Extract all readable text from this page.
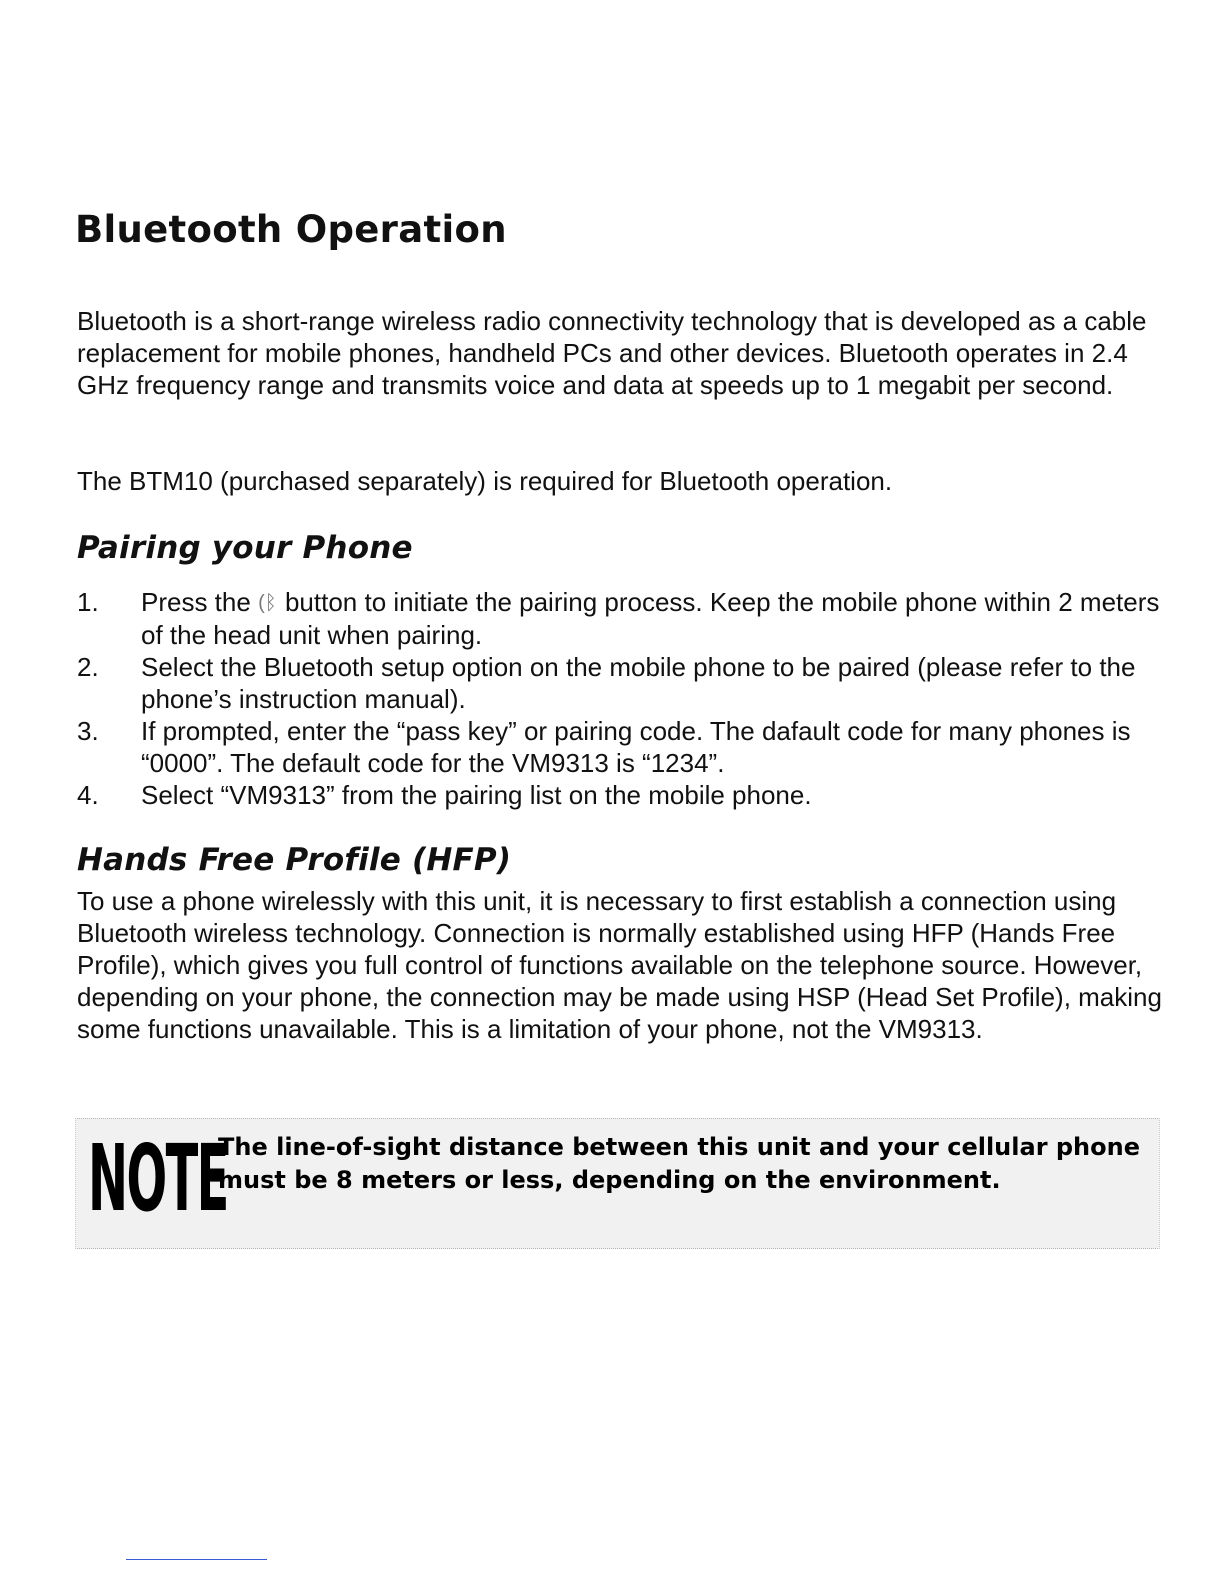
Bluetooth Operation

Bluetooth is a short-range wireless radio connectivity technology that is developed as a cable replacement for mobile phones, handheld PCs and other devices. Bluetooth operates in 2.4 GHz frequency range and transmits voice and data at speeds up to 1 megabit per second.

The BTM10 (purchased separately) is required for Bluetooth operation.

Pairing your Phone
1.	Press the (ᛒ button to initiate the pairing process. Keep the mobile phone within 2 meters of the head unit when pairing.
2.	Select the Bluetooth setup option on the mobile phone to be paired (please refer to the phone’s instruction manual).
3.	If prompted, enter the “pass key” or pairing code. The dafault code for many phones is “0000”. The default code for the VM9313 is “1234”.
4.	Select “VM9313” from the pairing list on the mobile phone.
Hands Free Profile (HFP)

To use a phone wirelessly with this unit, it is necessary to first establish a connection using Bluetooth wireless technology. Connection is normally established using HFP (Hands Free Profile), which gives you full control of functions available on the telephone source. However, depending on your phone, the connection may be made using HSP (Head Set Profile), making some functions unavailable. This is a limitation of your phone, not the VM9313.

NOTE
The line-of-sight distance between this unit and your cellular phone must be 8 meters or less, depending on the environment.
